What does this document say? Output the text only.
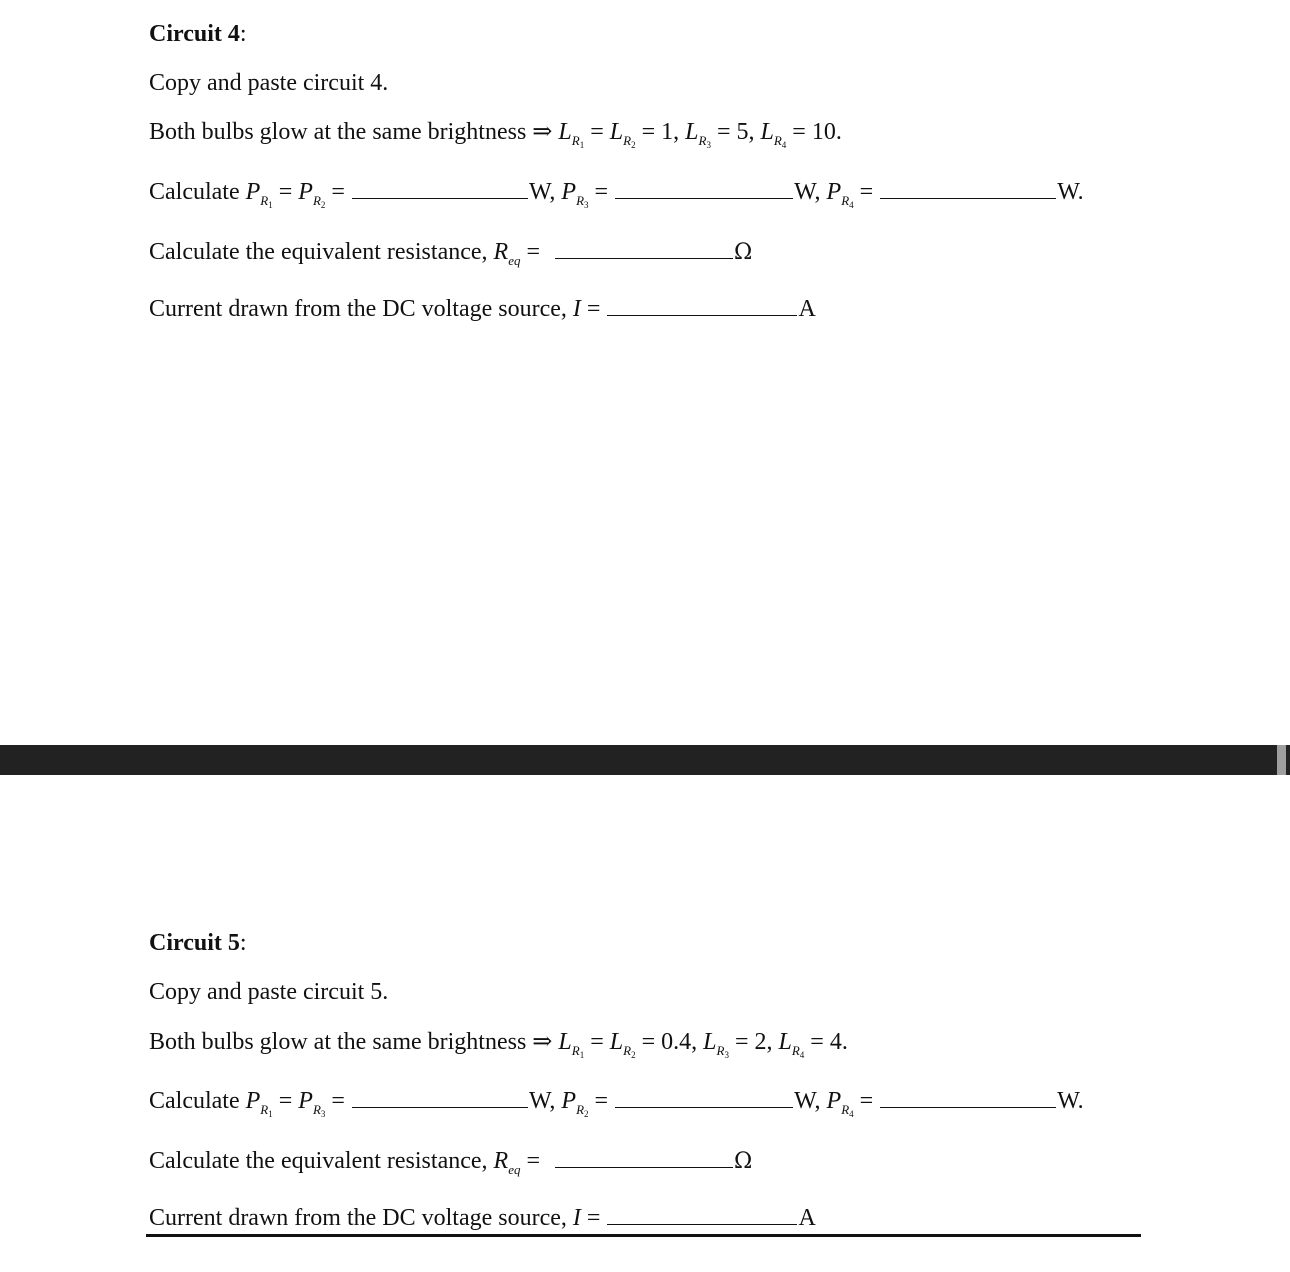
Circuit 4:
Copy and paste circuit 4.
Both bulbs glow at the same brightness ⇒ $L_{R_1} = L_{R_2} = 1$, $L_{R_3} = 5$, $L_{R_4} = 10$.
Calculate $P_{R_1} = P_{R_2}$ =	W, $P_{R_3}$ =	W, $P_{R_4}$ =	W.
Calculate the equivalent resistance, $R_{eq}$ =	Ω
Current drawn from the DC voltage source, I =	A
Circuit 5:
Copy and paste circuit 5.
Both bulbs glow at the same brightness ⇒ $L_{R_1} = L_{R_2} = 0.4$, $L_{R_3} = 2$, $L_{R_4} = 4$.
Calculate $P_{R_1} = P_{R_3}$ =	W, $P_{R_2}$ =	W, $P_{R_4}$ =	W.
Calculate the equivalent resistance, $R_{eq}$ =	Ω
Current drawn from the DC voltage source, I =	A
